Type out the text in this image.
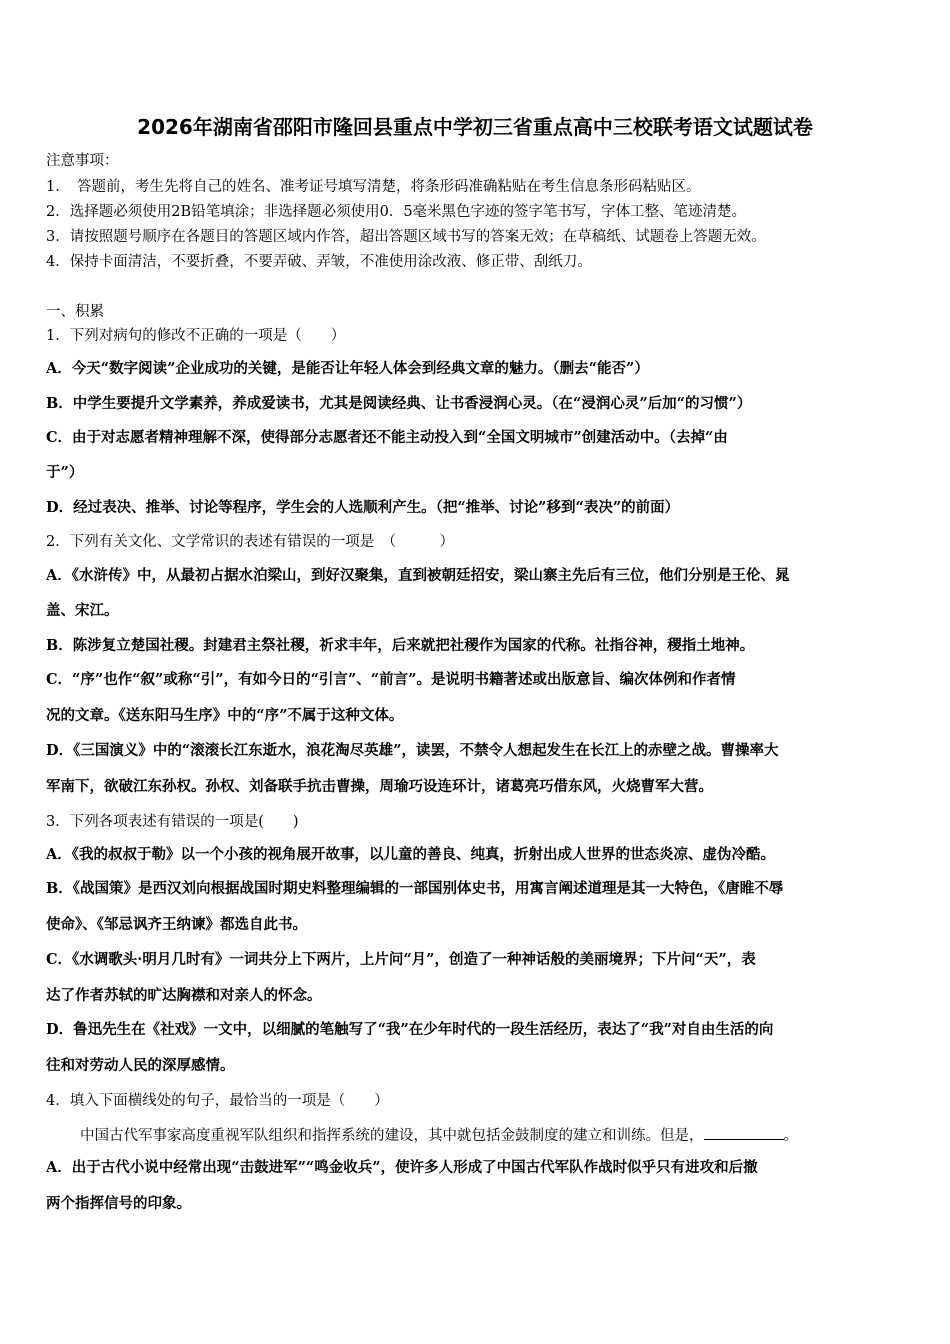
2026年湖南省邵阳市隆回县重点中学初三省重点高中三校联考语文试题试卷
注意事项：
1．　答题前，考生先将自己的姓名、准考证号填写清楚，将条形码准确粘贴在考生信息条形码粘贴区。
2．选择题必须使用2B铅笔填涂；非选择题必须使用0．5毫米黑色字迹的签字笔书写，字体工整、笔迹清楚。
3．请按照题号顺序在各题目的答题区域内作答，超出答题区域书写的答案无效；在草稿纸、试题卷上答题无效。
4．保持卡面清洁，不要折叠，不要弄破、弄皱，不准使用涂改液、修正带、刮纸刀。
一、积累
1．下列对病句的修改不正确的一项是（　　）
A．今天“数字阅读”企业成功的关键，是能否让年轻人体会到经典文章的魅力。（删去“能否”）
B．中学生要提升文学素养，养成爱读书，尤其是阅读经典、让书香浸润心灵。（在“浸润心灵”后加“的习惯”）
C．由于对志愿者精神理解不深，使得部分志愿者还不能主动投入到“全国文明城市”创建活动中。（去掉“由
于”）
D．经过表决、推举、讨论等程序，学生会的人选顺利产生。（把“推举、讨论”移到“表决”的前面）
2．下列有关文化、文学常识的表述有错误的一项是　（　　　）
A．《水浒传》中，从最初占据水泊梁山，到好汉聚集，直到被朝廷招安，梁山寨主先后有三位，他们分别是王伦、晁
盖、宋江。
B．陈涉复立楚国社稷。封建君主祭社稷，祈求丰年，后来就把社稷作为国家的代称。社指谷神，稷指土地神。
C．“序”也作“叙”或称“引”，有如今日的“引言”、“前言”。是说明书籍著述或出版意旨、编次体例和作者情
况的文章。《送东阳马生序》中的“序”不属于这种文体。
D．《三国演义》中的“滚滚长江东逝水，浪花淘尽英雄”，读罢，不禁令人想起发生在长江上的赤壁之战。曹操率大
军南下，欲破江东孙权。孙权、刘备联手抗击曹操，周瑜巧设连环计，诸葛亮巧借东风，火烧曹军大营。
3．下列各项表述有错误的一项是(　　)
A．《我的叔叔于勒》以一个小孩的视角展开故事，以儿童的善良、纯真，折射出成人世界的世态炎凉、虚伪冷酷。
B．《战国策》是西汉刘向根据战国时期史料整理编辑的一部国别体史书，用寓言阐述道理是其一大特色，《唐睢不辱
使命》、《邹忌讽齐王纳谏》都选自此书。
C．《水调歌头·明月几时有》一词共分上下两片，上片问“月”，创造了一种神话般的美丽境界；下片问“天”，表
达了作者苏轼的旷达胸襟和对亲人的怀念。
D．鲁迅先生在《社戏》一文中，以细腻的笔触写了“我”在少年时代的一段生活经历，表达了“我”对自由生活的向
往和对劳动人民的深厚感情。
4．填入下面横线处的句子，最恰当的一项是（　　）
中国古代军事家高度重视军队组织和指挥系统的建设，其中就包括金鼓制度的建立和训练。但是，	。
A．出于古代小说中经常出现“击鼓进军”“鸣金收兵”，使许多人形成了中国古代军队作战时似乎只有进攻和后撤
两个指挥信号的印象。
